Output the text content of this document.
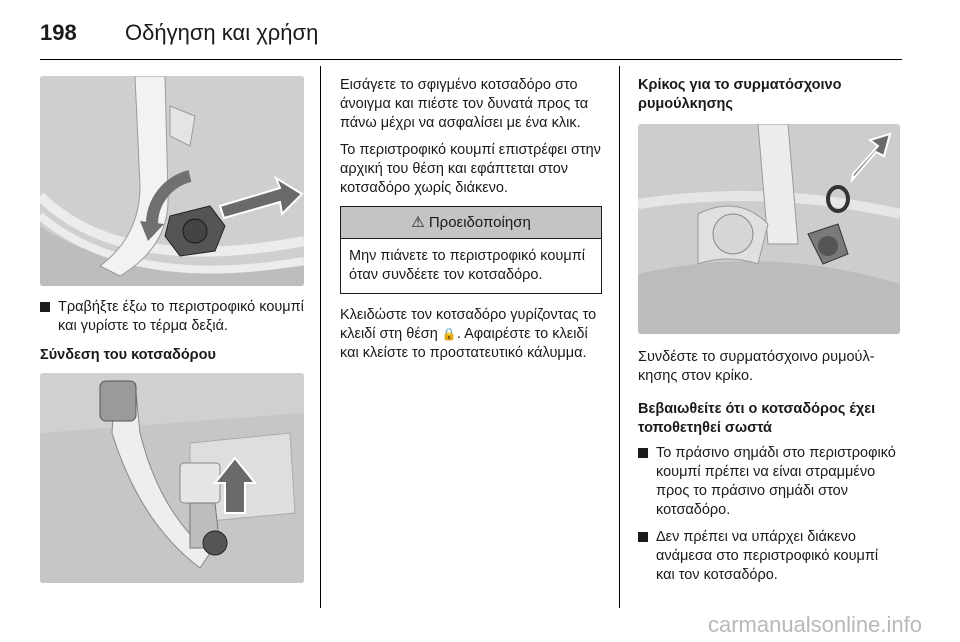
198 Οδήγηση και χρήση
Τραβήξτε έξω το περιστροφικό κουμπί και γυρίστε το τέρμα δεξιά.
Σύνδεση του κοτσαδόρου

Εισάγετε το σφιγμένο κοτσαδόρο στο άνοιγμα και πιέστε τον δυνατά προς τα πάνω μέχρι να ασφαλίσει με ένα κλικ.

Το περιστροφικό κουμπί επιστρέφει στην αρχική του θέση και εφάπτεται στον κοτσαδόρο χωρίς διάκενο.

⚠ Προειδοποίηση
Μην πιάνετε το περιστροφικό κουμπί όταν συνδέετε τον κοτσαδόρο.

Κλειδώστε τον κοτσαδόρο γυρίζοντας το κλειδί στη θέση 🔒. Αφαιρέστε το κλειδί και κλείστε το προστατευτικό κάλυμμα.

Κρίκος για το συρματόσχοινο ρυμούλκησης

Συνδέστε το συρματόσχοινο ρυμούλκησης στον κρίκο.

Βεβαιωθείτε ότι ο κοτσαδόρος έχει τοποθετηθεί σωστά
Το πράσινο σημάδι στο περιστροφικό κουμπί πρέπει να είναι στραμμένο προς το πράσινο σημάδι στον κοτσαδόρο.
Δεν πρέπει να υπάρχει διάκενο ανάμεσα στο περιστροφικό κουμπί και τον κοτσαδόρο.
carmanualsonline.info
